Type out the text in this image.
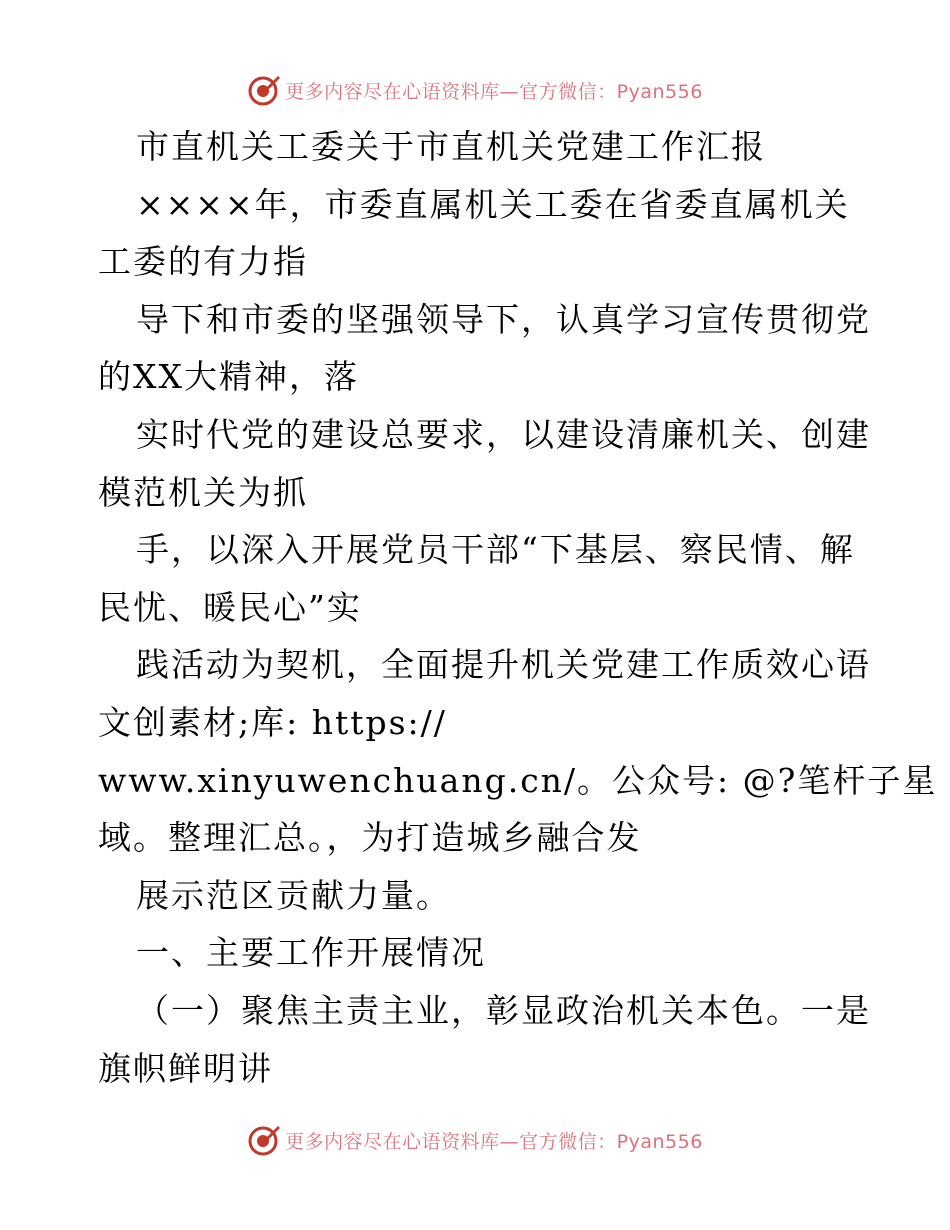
更多内容尽在心语资料库—官方微信：Pyan556
市直机关工委关于市直机关党建工作汇报
××××年，市委直属机关工委在省委直属机关
工委的有力指
导下和市委的坚强领导下，认真学习宣传贯彻党
的XX大精神，落
实时代党的建设总要求，以建设清廉机关、创建
模范机关为抓
手，以深入开展党员干部“下基层、察民情、解
民忧、暖民心”实
践活动为契机，全面提升机关党建工作质效心语
文创素材;库: https://
www.xinyuwenchuang.cn/。公众号: @?笔杆子星
域。整理汇总。，为打造城乡融合发
展示范区贡献力量。
一、主要工作开展情况
（一）聚焦主责主业，彰显政治机关本色。一是
旗帜鲜明讲
更多内容尽在心语资料库—官方微信：Pyan556
